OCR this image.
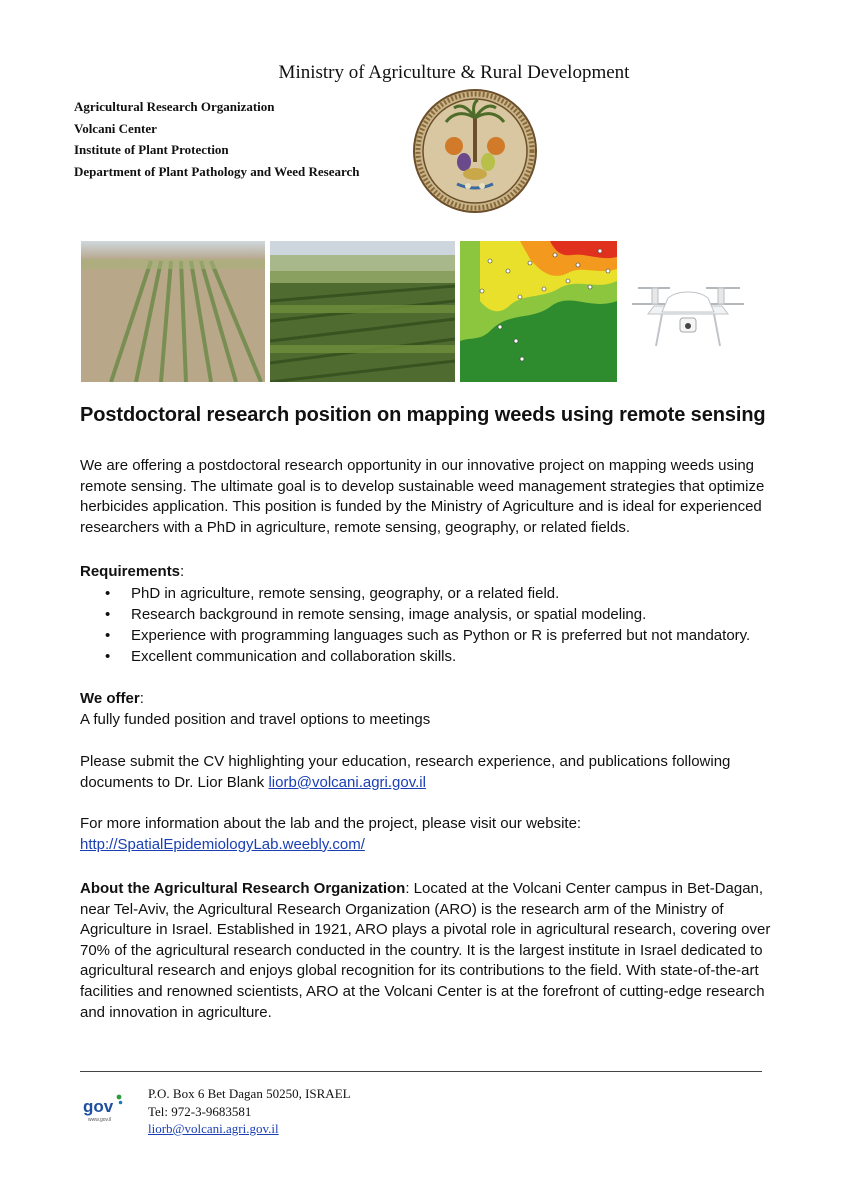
Ministry of Agriculture & Rural Development
Agricultural Research Organization
Volcani Center
Institute of Plant Protection
Department of Plant Pathology and Weed Research
Postdoctoral research position on mapping weeds using remote sensing
We are offering a postdoctoral research opportunity in our innovative project on mapping weeds using remote sensing. The ultimate goal is to develop sustainable weed management strategies that optimize herbicides application. This position is funded by the Ministry of Agriculture and is ideal for experienced researchers with a PhD in agriculture, remote sensing, geography, or related fields.

Requirements:

• PhD in agriculture, remote sensing, geography, or a related field.
• Research background in remote sensing, image analysis, or spatial modeling.
• Experience with programming languages such as Python or R is preferred but not mandatory.
• Excellent communication and collaboration skills.

We offer:

A fully funded position and travel options to meetings

Please submit the CV highlighting your education, research experience, and publications following documents to Dr. Lior Blank liorb@volcani.agri.gov.il

For more information about the lab and the project, please visit our website:

http://SpatialEpidemiologyLab.weebly.com/

About the Agricultural Research Organization: Located at the Volcani Center campus in Bet-Dagan, near Tel-Aviv, the Agricultural Research Organization (ARO) is the research arm of the Ministry of Agriculture in Israel. Established in 1921, ARO plays a pivotal role in agricultural research, covering over 70% of the agricultural research conducted in the country. It is the largest institute in Israel dedicated to agricultural research and enjoys global recognition for its contributions to the field. With state-of-the-art facilities and renowned scientists, ARO at the Volcani Center is at the forefront of cutting-edge research and innovation in agriculture.

gov
www.gov.il
P.O. Box 6 Bet Dagan 50250, ISRAEL
Tel: 972-3-9683581
liorb@volcani.agri.gov.il
